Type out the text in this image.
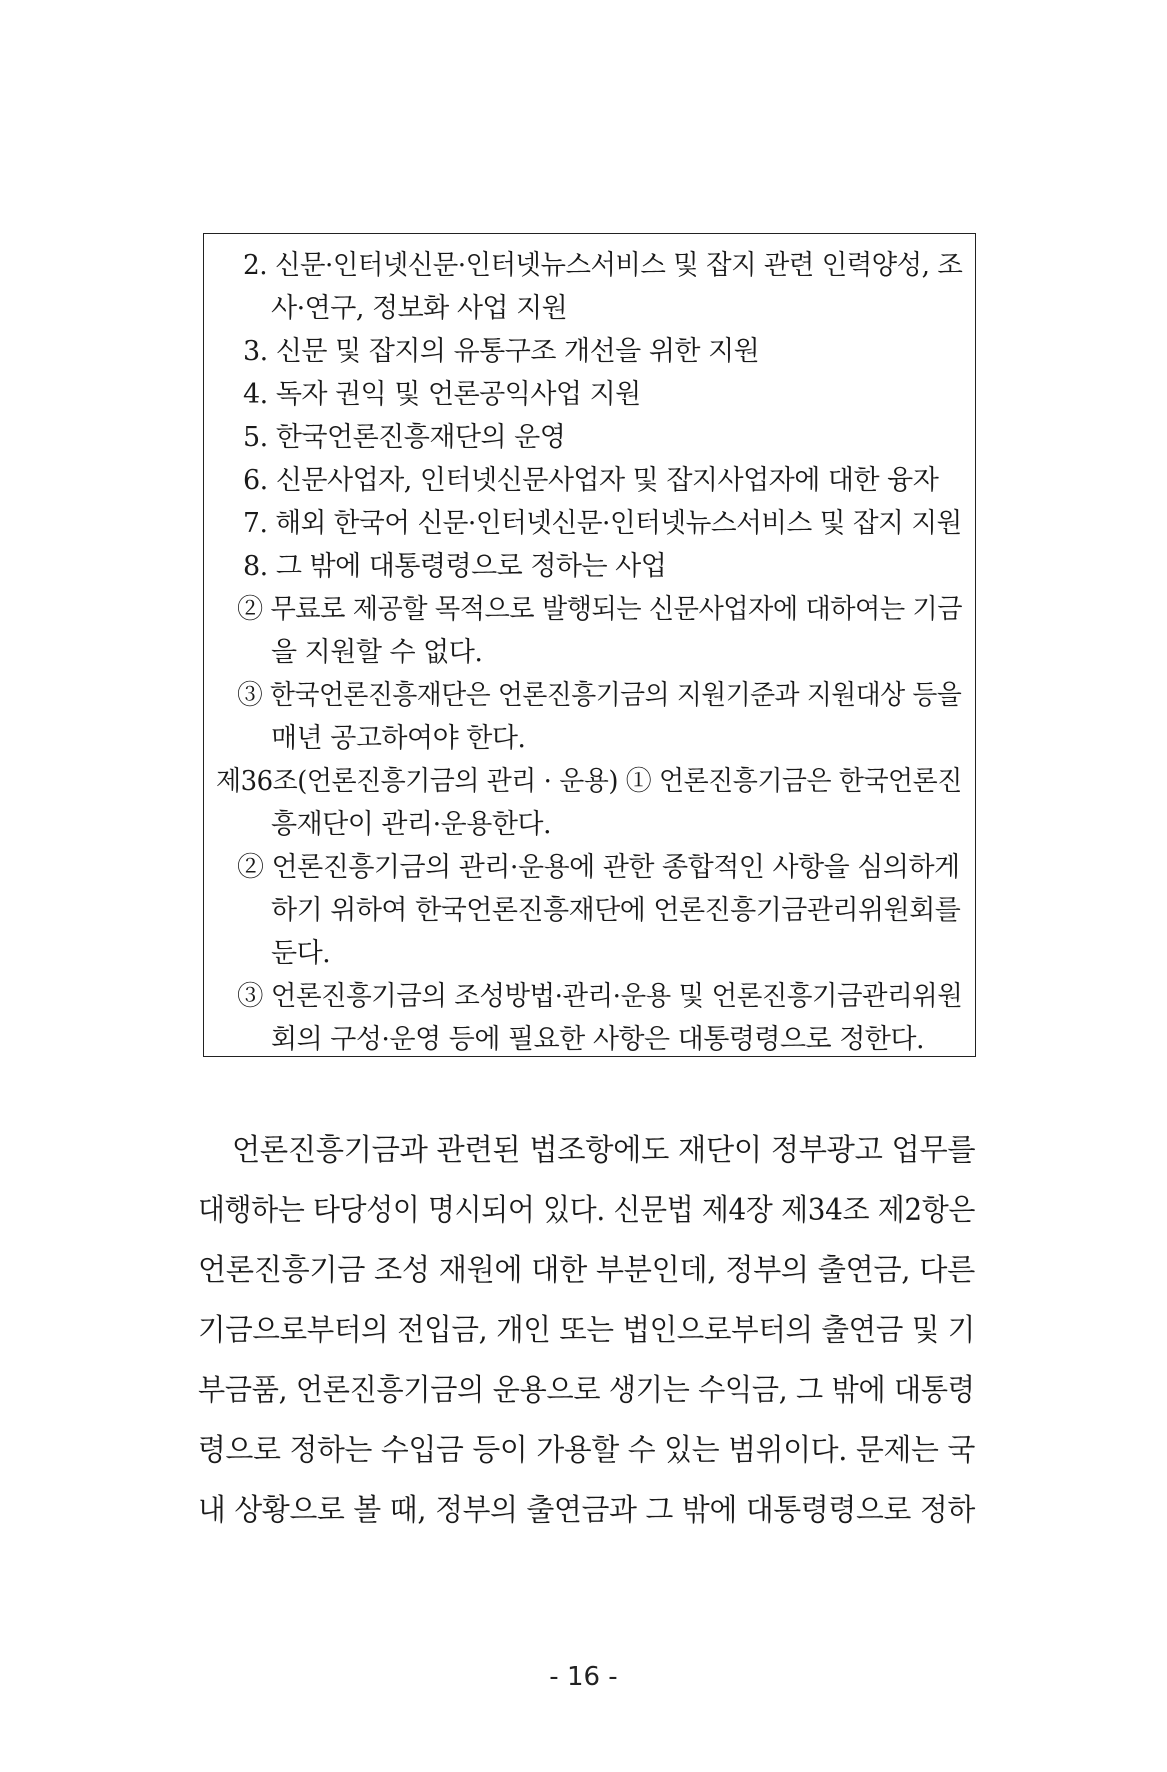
2. 신문·인터넷신문·인터넷뉴스서비스 및 잡지 관련 인력양성, 조
사·연구, 정보화 사업 지원
3. 신문 및 잡지의 유통구조 개선을 위한 지원
4. 독자 권익 및 언론공익사업 지원
5. 한국언론진흥재단의 운영
6. 신문사업자, 인터넷신문사업자 및 잡지사업자에 대한 융자
7. 해외 한국어 신문·인터넷신문·인터넷뉴스서비스 및 잡지 지원
8. 그 밖에 대통령령으로 정하는 사업
② 무료로 제공할 목적으로 발행되는 신문사업자에 대하여는 기금
을 지원할 수 없다.
③ 한국언론진흥재단은 언론진흥기금의 지원기준과 지원대상 등을
매년 공고하여야 한다.
제36조(언론진흥기금의 관리 · 운용) ① 언론진흥기금은 한국언론진
흥재단이 관리·운용한다.
② 언론진흥기금의 관리·운용에 관한 종합적인 사항을 심의하게
하기 위하여 한국언론진흥재단에 언론진흥기금관리위원회를
둔다.
③ 언론진흥기금의 조성방법·관리·운용 및 언론진흥기금관리위원
회의 구성·운영 등에 필요한 사항은 대통령령으로 정한다.
언론진흥기금과 관련된 법조항에도 재단이 정부광고 업무를
대행하는 타당성이 명시되어 있다. 신문법 제4장 제34조 제2항은
언론진흥기금 조성 재원에 대한 부분인데, 정부의 출연금, 다른
기금으로부터의 전입금, 개인 또는 법인으로부터의 출연금 및 기
부금품, 언론진흥기금의 운용으로 생기는 수익금, 그 밖에 대통령
령으로 정하는 수입금 등이 가용할 수 있는 범위이다. 문제는 국
내 상황으로 볼 때, 정부의 출연금과 그 밖에 대통령령으로 정하
- 16 -
